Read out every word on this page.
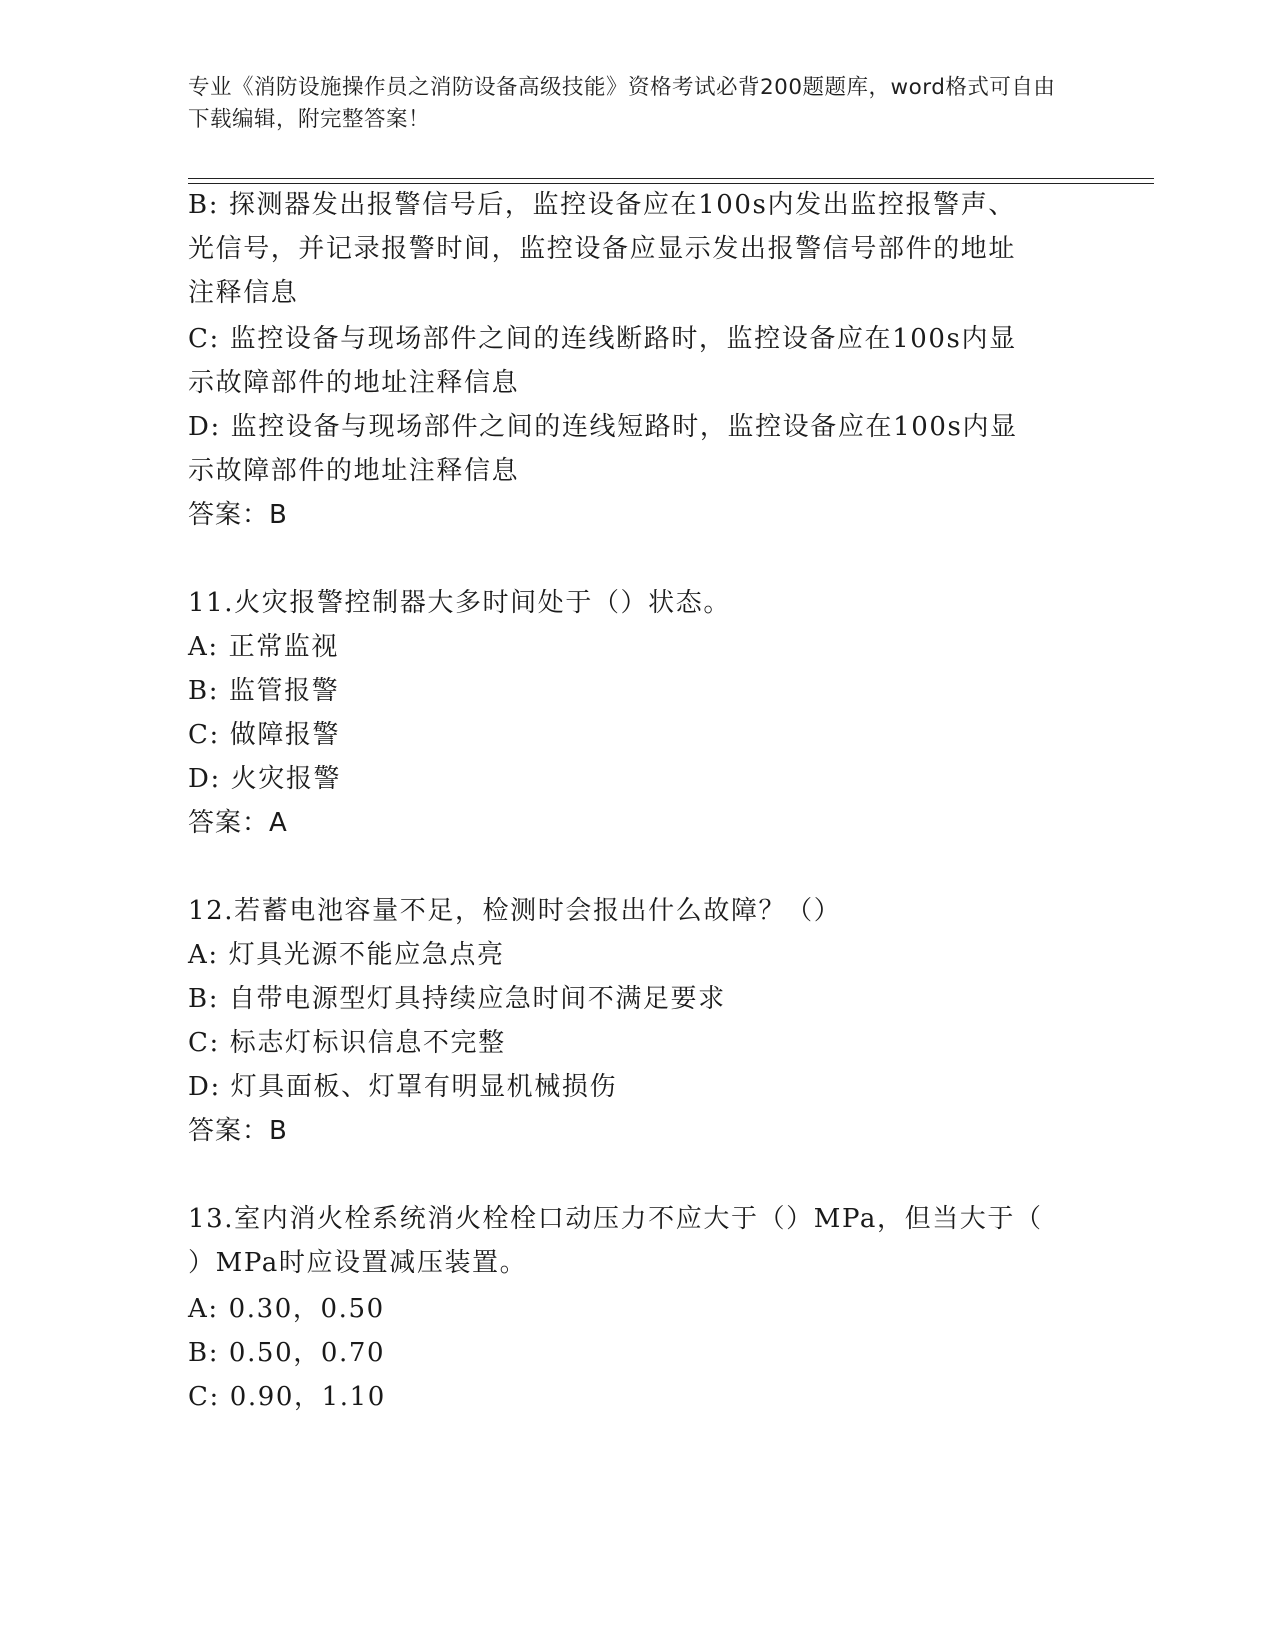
专业《消防设施操作员之消防设备高级技能》资格考试必背200题题库，word格式可自由下载编辑，附完整答案！
B: 探测器发出报警信号后，监控设备应在100s内发出监控报警声、
光信号，并记录报警时间，监控设备应显示发出报警信号部件的地址
注释信息
C: 监控设备与现场部件之间的连线断路时，监控设备应在100s内显
示故障部件的地址注释信息
D: 监控设备与现场部件之间的连线短路时，监控设备应在100s内显
示故障部件的地址注释信息
答案：B
11.火灾报警控制器大多时间处于（）状态。
A: 正常监视
B: 监管报警
C: 做障报警
D: 火灾报警
答案：A
12.若蓄电池容量不足，检测时会报出什么故障？（）
A: 灯具光源不能应急点亮
B: 自带电源型灯具持续应急时间不满足要求
C: 标志灯标识信息不完整
D: 灯具面板、灯罩有明显机械损伤
答案：B
13.室内消火栓系统消火栓栓口动压力不应大于（）MPa，但当大于（
）MPa时应设置减压装置。
A: 0.30，0.50
B: 0.50，0.70
C: 0.90，1.10
